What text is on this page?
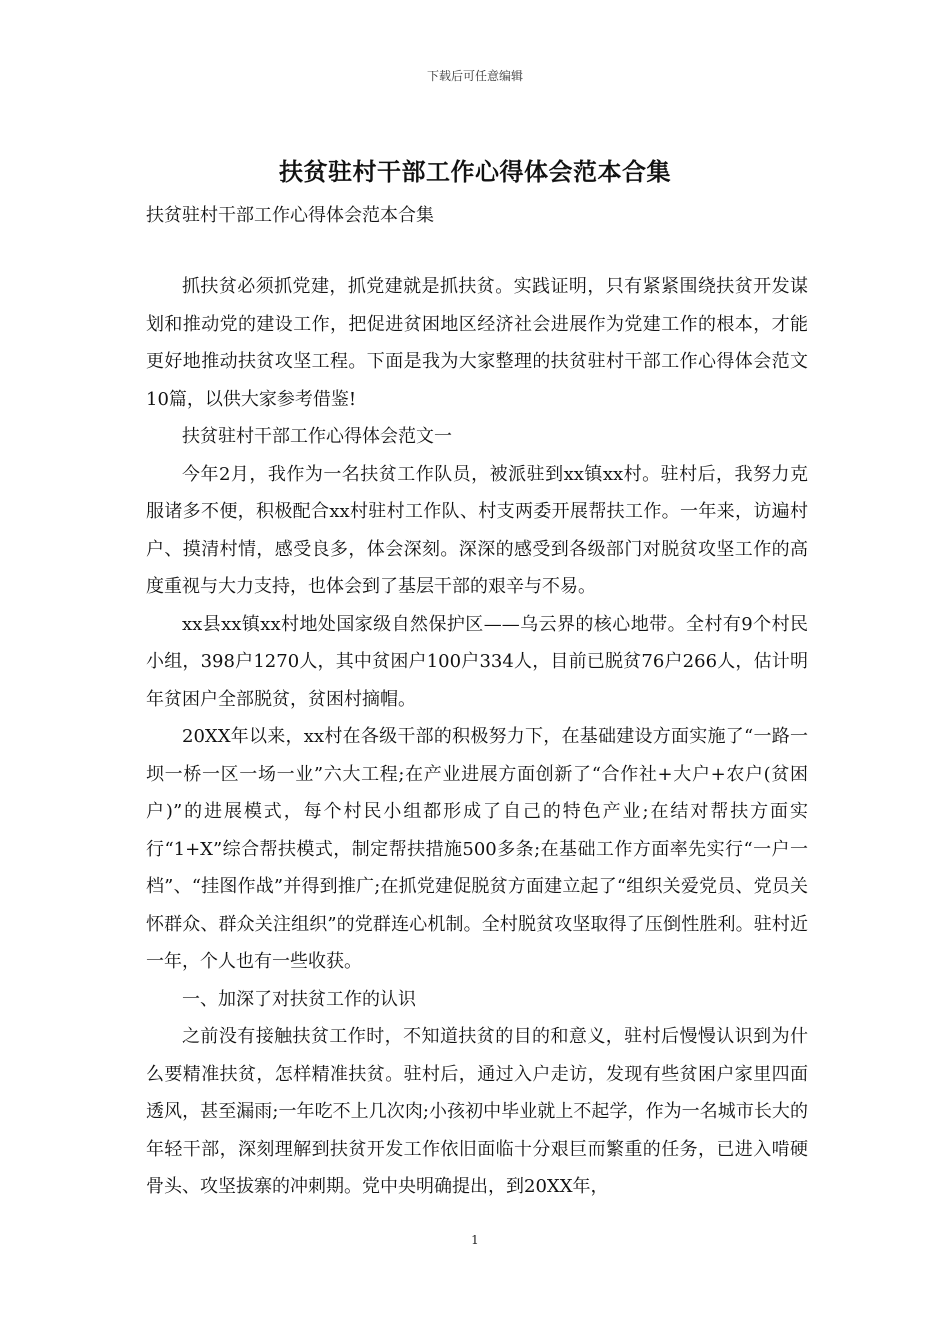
下载后可任意编辑
扶贫驻村干部工作心得体会范本合集
扶贫驻村干部工作心得体会范本合集

抓扶贫必须抓党建，抓党建就是抓扶贫。实践证明，只有紧紧围绕扶贫开发谋划和推动党的建设工作，把促进贫困地区经济社会进展作为党建工作的根本，才能更好地推动扶贫攻坚工程。下面是我为大家整理的扶贫驻村干部工作心得体会范文10篇，以供大家参考借鉴!

扶贫驻村干部工作心得体会范文一

今年2月，我作为一名扶贫工作队员，被派驻到xx镇xx村。驻村后，我努力克服诸多不便，积极配合xx村驻村工作队、村支两委开展帮扶工作。一年来，访遍村户、摸清村情，感受良多，体会深刻。深深的感受到各级部门对脱贫攻坚工作的高度重视与大力支持，也体会到了基层干部的艰辛与不易。

xx县xx镇xx村地处国家级自然保护区——乌云界的核心地带。全村有9个村民小组，398户1270人，其中贫困户100户334人，目前已脱贫76户266人，估计明年贫困户全部脱贫，贫困村摘帽。

20XX年以来，xx村在各级干部的积极努力下，在基础建设方面实施了“一路一坝一桥一区一场一业”六大工程;在产业进展方面创新了“合作社+大户+农户(贫困户)”的进展模式，每个村民小组都形成了自己的特色产业;在结对帮扶方面实行“1+X”综合帮扶模式，制定帮扶措施500多条;在基础工作方面率先实行“一户一档”、“挂图作战”并得到推广;在抓党建促脱贫方面建立起了“组织关爱党员、党员关怀群众、群众关注组织”的党群连心机制。全村脱贫攻坚取得了压倒性胜利。驻村近一年，个人也有一些收获。

一、加深了对扶贫工作的认识

之前没有接触扶贫工作时，不知道扶贫的目的和意义，驻村后慢慢认识到为什么要精准扶贫，怎样精准扶贫。驻村后，通过入户走访，发现有些贫困户家里四面透风，甚至漏雨;一年吃不上几次肉;小孩初中毕业就上不起学，作为一名城市长大的年轻干部，深刻理解到扶贫开发工作依旧面临十分艰巨而繁重的任务，已进入啃硬骨头、攻坚拔寨的冲刺期。党中央明确提出，到20XX年，

1
